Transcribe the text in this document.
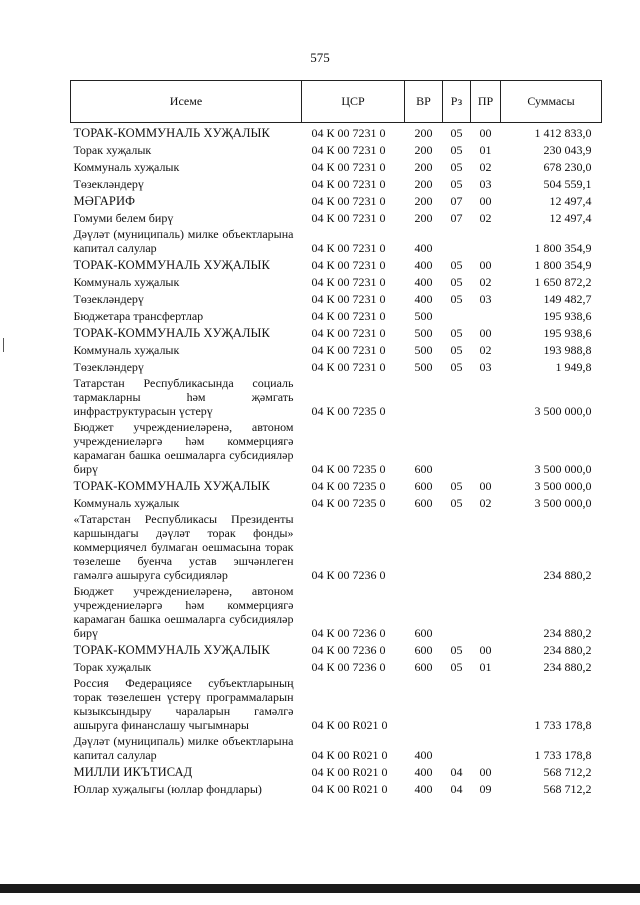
575
Исеме	ЦСР	ВР	Рз	ПР	Суммасы
ТОРАК-КОММУНАЛЬ ХУҖАЛЫК	04 К 00 7231 0	200	05	00	1 412 833,0
Торак хуҗалык	04 К 00 7231 0	200	05	01	230 043,9
Коммуналь хуҗалык	04 К 00 7231 0	200	05	02	678 230,0
Төзекләндерү	04 К 00 7231 0	200	05	03	504 559,1
МӘГАРИФ	04 К 00 7231 0	200	07	00	12 497,4
Гомуми белем бирү	04 К 00 7231 0	200	07	02	12 497,4
Дәүләт (муниципаль) милке объектларына капитал салулар	04 К 00 7231 0	400			1 800 354,9
ТОРАК-КОММУНАЛЬ ХУҖАЛЫК	04 К 00 7231 0	400	05	00	1 800 354,9
Коммуналь хуҗалык	04 К 00 7231 0	400	05	02	1 650 872,2
Төзекләндерү	04 К 00 7231 0	400	05	03	149 482,7
Бюджетара трансфертлар	04 К 00 7231 0	500			195 938,6
ТОРАК-КОММУНАЛЬ ХУҖАЛЫК	04 К 00 7231 0	500	05	00	195 938,6
Коммуналь хуҗалык	04 К 00 7231 0	500	05	02	193 988,8
Төзекләндерү	04 К 00 7231 0	500	05	03	1 949,8
Татарстан Республикасында социаль тармакларны һәм җәмгать инфраструктурасын үстерү	04 К 00 7235 0				3 500 000,0
Бюджет учреждениеләренә, автоном учреждениеләргә һәм коммерциягә карамаган башка оешмаларга субсидияләр бирү	04 К 00 7235 0	600			3 500 000,0
ТОРАК-КОММУНАЛЬ ХУҖАЛЫК	04 К 00 7235 0	600	05	00	3 500 000,0
Коммуналь хуҗалык	04 К 00 7235 0	600	05	02	3 500 000,0
«Татарстан Республикасы Президенты каршындагы дәүләт торак фонды» коммерциячел булмаган оешмасына торак төзелеше буенча устав эшчәнлеген гамәлгә ашыруга субсидияләр	04 К 00 7236 0				234 880,2
Бюджет учреждениеләренә, автоном учреждениеләргә һәм коммерциягә карамаган башка оешмаларга субсидияләр бирү	04 К 00 7236 0	600			234 880,2
ТОРАК-КОММУНАЛЬ ХУҖАЛЫК	04 К 00 7236 0	600	05	00	234 880,2
Торак хуҗалык	04 К 00 7236 0	600	05	01	234 880,2
Россия Федерациясе субъектларының торак төзелешен үстерү программаларын кызыксындыру чараларын гамәлгә ашыруга финанслашу чыгымнары	04 К 00 R021 0				1 733 178,8
Дәүләт (муниципаль) милке объектларына капитал салулар	04 К 00 R021 0	400			1 733 178,8
МИЛЛИ ИКЪТИСАД	04 К 00 R021 0	400	04	00	568 712,2
Юллар хуҗалыгы (юллар фондлары)	04 К 00 R021 0	400	04	09	568 712,2
